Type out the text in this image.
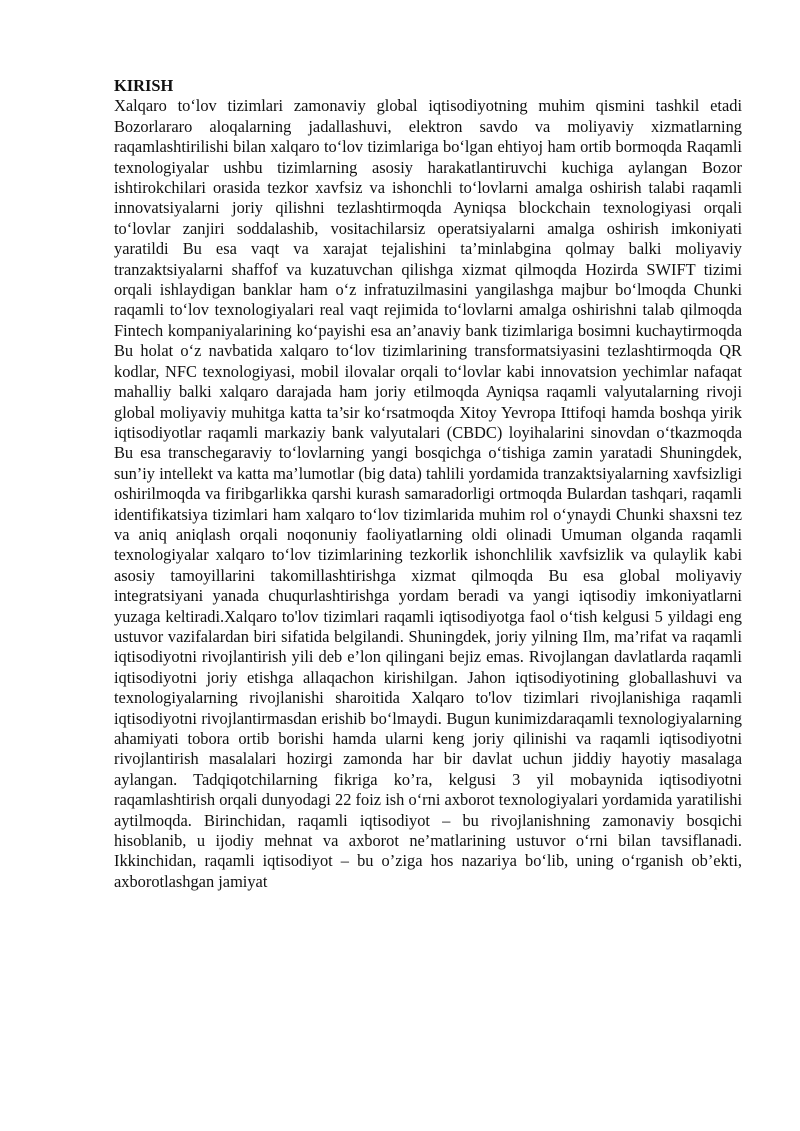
KIRISH

Xalqaro to‘lov tizimlari zamonaviy global iqtisodiyotning muhim qismini tashkil etadi Bozorlararo aloqalarning jadallashuvi, elektron savdo va moliyaviy xizmatlarning raqamlashtirilishi bilan xalqaro to‘lov tizimlariga bo‘lgan ehtiyoj ham ortib bormoqda Raqamli texnologiyalar ushbu tizimlarning asosiy harakatlantiruvchi kuchiga aylangan Bozor ishtirokchilari orasida tezkor xavfsiz va ishonchli to‘lovlarni amalga oshirish talabi raqamli innovatsiyalarni joriy qilishni tezlashtirmoqda Ayniqsa blockchain texnologiyasi orqali to‘lovlar zanjiri soddalashib, vositachilarsiz operatsiyalarni amalga oshirish imkoniyati yaratildi Bu esa vaqt va xarajat tejalishini ta’minlabgina qolmay balki moliyaviy tranzaktsiyalarni shaffof va kuzatuvchan qilishga xizmat qilmoqda Hozirda SWIFT tizimi orqali ishlaydigan banklar ham o‘z infratuzilmasini yangilashga majbur bo‘lmoqda Chunki raqamli to‘lov texnologiyalari real vaqt rejimida to‘lovlarni amalga oshirishni talab qilmoqda Fintech kompaniyalarining ko‘payishi esa an’anaviy bank tizimlariga bosimni kuchaytirmoqda Bu holat o‘z navbatida xalqaro to‘lov tizimlarining transformatsiyasini tezlashtirmoqda QR kodlar, NFC texnologiyasi, mobil ilovalar orqali to‘lovlar kabi innovatsion yechimlar nafaqat mahalliy balki xalqaro darajada ham joriy etilmoqda Ayniqsa raqamli valyutalarning rivoji global moliyaviy muhitga katta ta’sir ko‘rsatmoqda Xitoy Yevropa Ittifoqi hamda boshqa yirik iqtisodiyotlar raqamli markaziy bank valyutalari (CBDC) loyihalarini sinovdan o‘tkazmoqda Bu esa transchegaraviy to‘lovlarning yangi bosqichga o‘tishiga zamin yaratadi Shuningdek, sun’iy intellekt va katta ma’lumotlar (big data) tahlili yordamida tranzaktsiyalarning xavfsizligi oshirilmoqda va firibgarlikka qarshi kurash samaradorligi ortmoqda Bulardan tashqari, raqamli identifikatsiya tizimlari ham xalqaro to‘lov tizimlarida muhim rol o‘ynaydi Chunki shaxsni tez va aniq aniqlash orqali noqonuniy faoliyatlarning oldi olinadi Umuman olganda raqamli texnologiyalar xalqaro to‘lov tizimlarining tezkorlik ishonchlilik xavfsizlik va qulaylik kabi asosiy tamoyillarini takomillashtirishga xizmat qilmoqda Bu esa global moliyaviy integratsiyani yanada chuqurlashtirishga yordam beradi va yangi iqtisodiy imkoniyatlarni yuzaga keltiradi.Xalqaro to'lov tizimlari raqamli iqtisodiyotga faol o‘tish kelgusi 5 yildagi eng ustuvor vazifalardan biri sifatida belgilandi. Shuningdek, joriy yilning Ilm, ma’rifat va raqamli iqtisodiyotni rivojlantirish yili deb e’lon qilingani bejiz emas. Rivojlangan davlatlarda raqamli iqtisodiyotni joriy etishga allaqachon kirishilgan. Jahon iqtisodiyotining globallashuvi va texnologiyalarning rivojlanishi sharoitida Xalqaro to'lov tizimlari rivojlanishiga raqamli iqtisodiyotni rivojlantirmasdan erishib bo‘lmaydi. Bugun kunimizdaraqamli texnologiyalarning ahamiyati tobora ortib borishi hamda ularni keng joriy qilinishi va raqamli iqtisodiyotni rivojlantirish masalalari hozirgi zamonda har bir davlat uchun jiddiy hayotiy masalaga aylangan. Tadqiqotchilarning fikriga ko’ra, kelgusi 3 yil mobaynida iqtisodiyotni raqamlashtirish orqali dunyodagi 22 foiz ish o‘rni axborot texnologiyalari yordamida yaratilishi aytilmoqda. Birinchidan, raqamli iqtisodiyot – bu rivojlanishning zamonaviy bosqichi hisoblanib, u ijodiy mehnat va axborot ne’matlarining ustuvor o‘rni bilan tavsiflanadi. Ikkinchidan, raqamli iqtisodiyot – bu o’ziga hos nazariya bo‘lib, uning o‘rganish ob’ekti, axborotlashgan jamiyat
